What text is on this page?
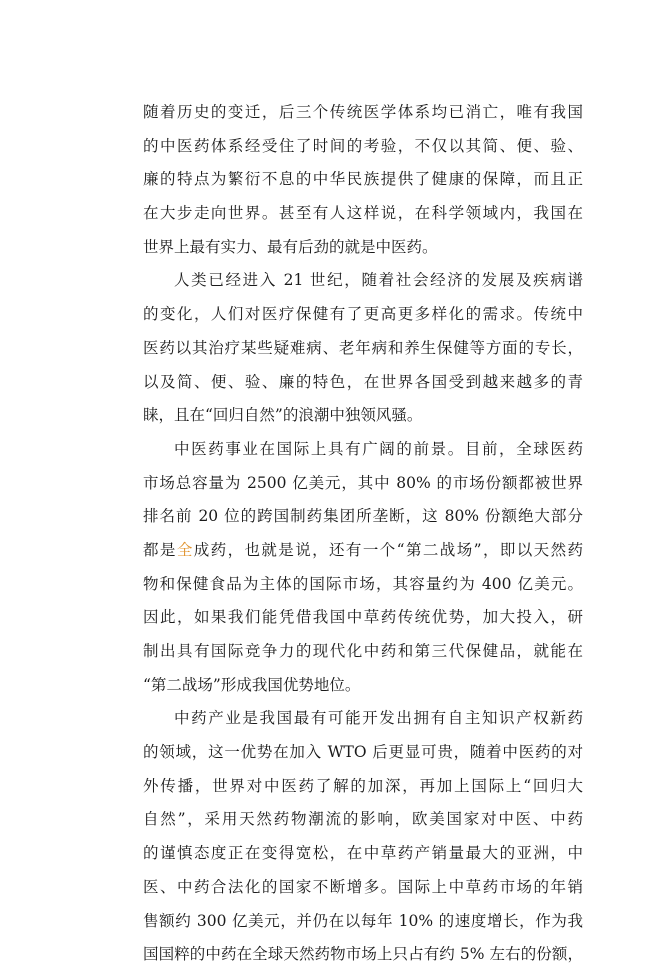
随着历史的变迁，后三个传统医学体系均已消亡，唯有我国
的中医药体系经受住了时间的考验，不仅以其简、便、验、
廉的特点为繁衍不息的中华民族提供了健康的保障，而且正
在大步走向世界。甚至有人这样说，在科学领域内，我国在
世界上最有实力、最有后劲的就是中医药。
人类已经进入 21 世纪，随着社会经济的发展及疾病谱
的变化，人们对医疗保健有了更高更多样化的需求。传统中
医药以其治疗某些疑难病、老年病和养生保健等方面的专长，
以及简、便、验、廉的特色，在世界各国受到越来越多的青
睐，且在“回归自然”的浪潮中独领风骚。
中医药事业在国际上具有广阔的前景。目前，全球医药
市场总容量为 2500 亿美元，其中 80% 的市场份额都被世界
排名前 20 位的跨国制药集团所垄断，这 80% 份额绝大部分
都是全成药，也就是说，还有一个“第二战场”，即以天然药
物和保健食品为主体的国际市场，其容量约为 400 亿美元。
因此，如果我们能凭借我国中草药传统优势，加大投入，研
制出具有国际竞争力的现代化中药和第三代保健品，就能在
“第二战场”形成我国优势地位。
中药产业是我国最有可能开发出拥有自主知识产权新药
的领域，这一优势在加入 WTO 后更显可贵，随着中医药的对
外传播，世界对中医药了解的加深，再加上国际上“回归大
自然”，采用天然药物潮流的影响，欧美国家对中医、中药
的谨慎态度正在变得宽松，在中草药产销量最大的亚洲，中
医、中药合法化的国家不断增多。国际上中草药市场的年销
售额约 300 亿美元，并仍在以每年 10% 的速度增长，作为我
国国粹的中药在全球天然药物市场上只占有约 5% 左右的份额，
